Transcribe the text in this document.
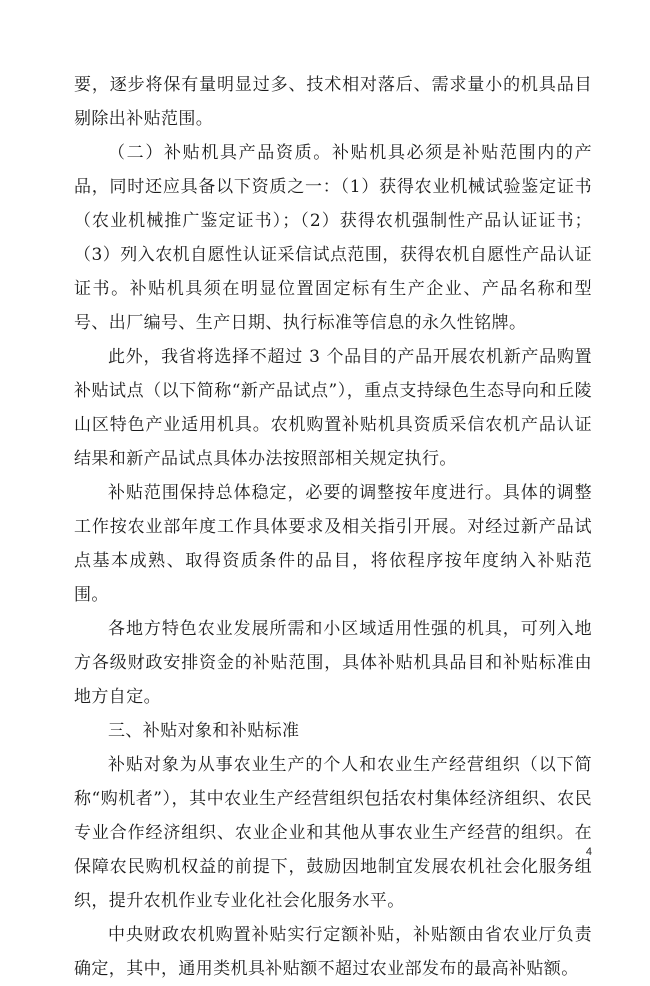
要，逐步将保有量明显过多、技术相对落后、需求量小的机具品目剔除出补贴范围。

（二）补贴机具产品资质。补贴机具必须是补贴范围内的产品，同时还应具备以下资质之一：（1）获得农业机械试验鉴定证书（农业机械推广鉴定证书）；（2）获得农机强制性产品认证证书；（3）列入农机自愿性认证采信试点范围，获得农机自愿性产品认证证书。补贴机具须在明显位置固定标有生产企业、产品名称和型号、出厂编号、生产日期、执行标准等信息的永久性铭牌。

此外，我省将选择不超过 3 个品目的产品开展农机新产品购置补贴试点（以下简称“新产品试点”），重点支持绿色生态导向和丘陵山区特色产业适用机具。农机购置补贴机具资质采信农机产品认证结果和新产品试点具体办法按照部相关规定执行。

补贴范围保持总体稳定，必要的调整按年度进行。具体的调整工作按农业部年度工作具体要求及相关指引开展。对经过新产品试点基本成熟、取得资质条件的品目，将依程序按年度纳入补贴范围。

各地方特色农业发展所需和小区域适用性强的机具，可列入地方各级财政安排资金的补贴范围，具体补贴机具品目和补贴标准由地方自定。

三、补贴对象和补贴标准

补贴对象为从事农业生产的个人和农业生产经营组织（以下简称“购机者”），其中农业生产经营组织包括农村集体经济组织、农民专业合作经济组织、农业企业和其他从事农业生产经营的组织。在保障农民购机权益的前提下，鼓励因地制宜发展农机社会化服务组织，提升农机作业专业化社会化服务水平。

中央财政农机购置补贴实行定额补贴，补贴额由省农业厅负责确定，其中，通用类机具补贴额不超过农业部发布的最高补贴额。

4
